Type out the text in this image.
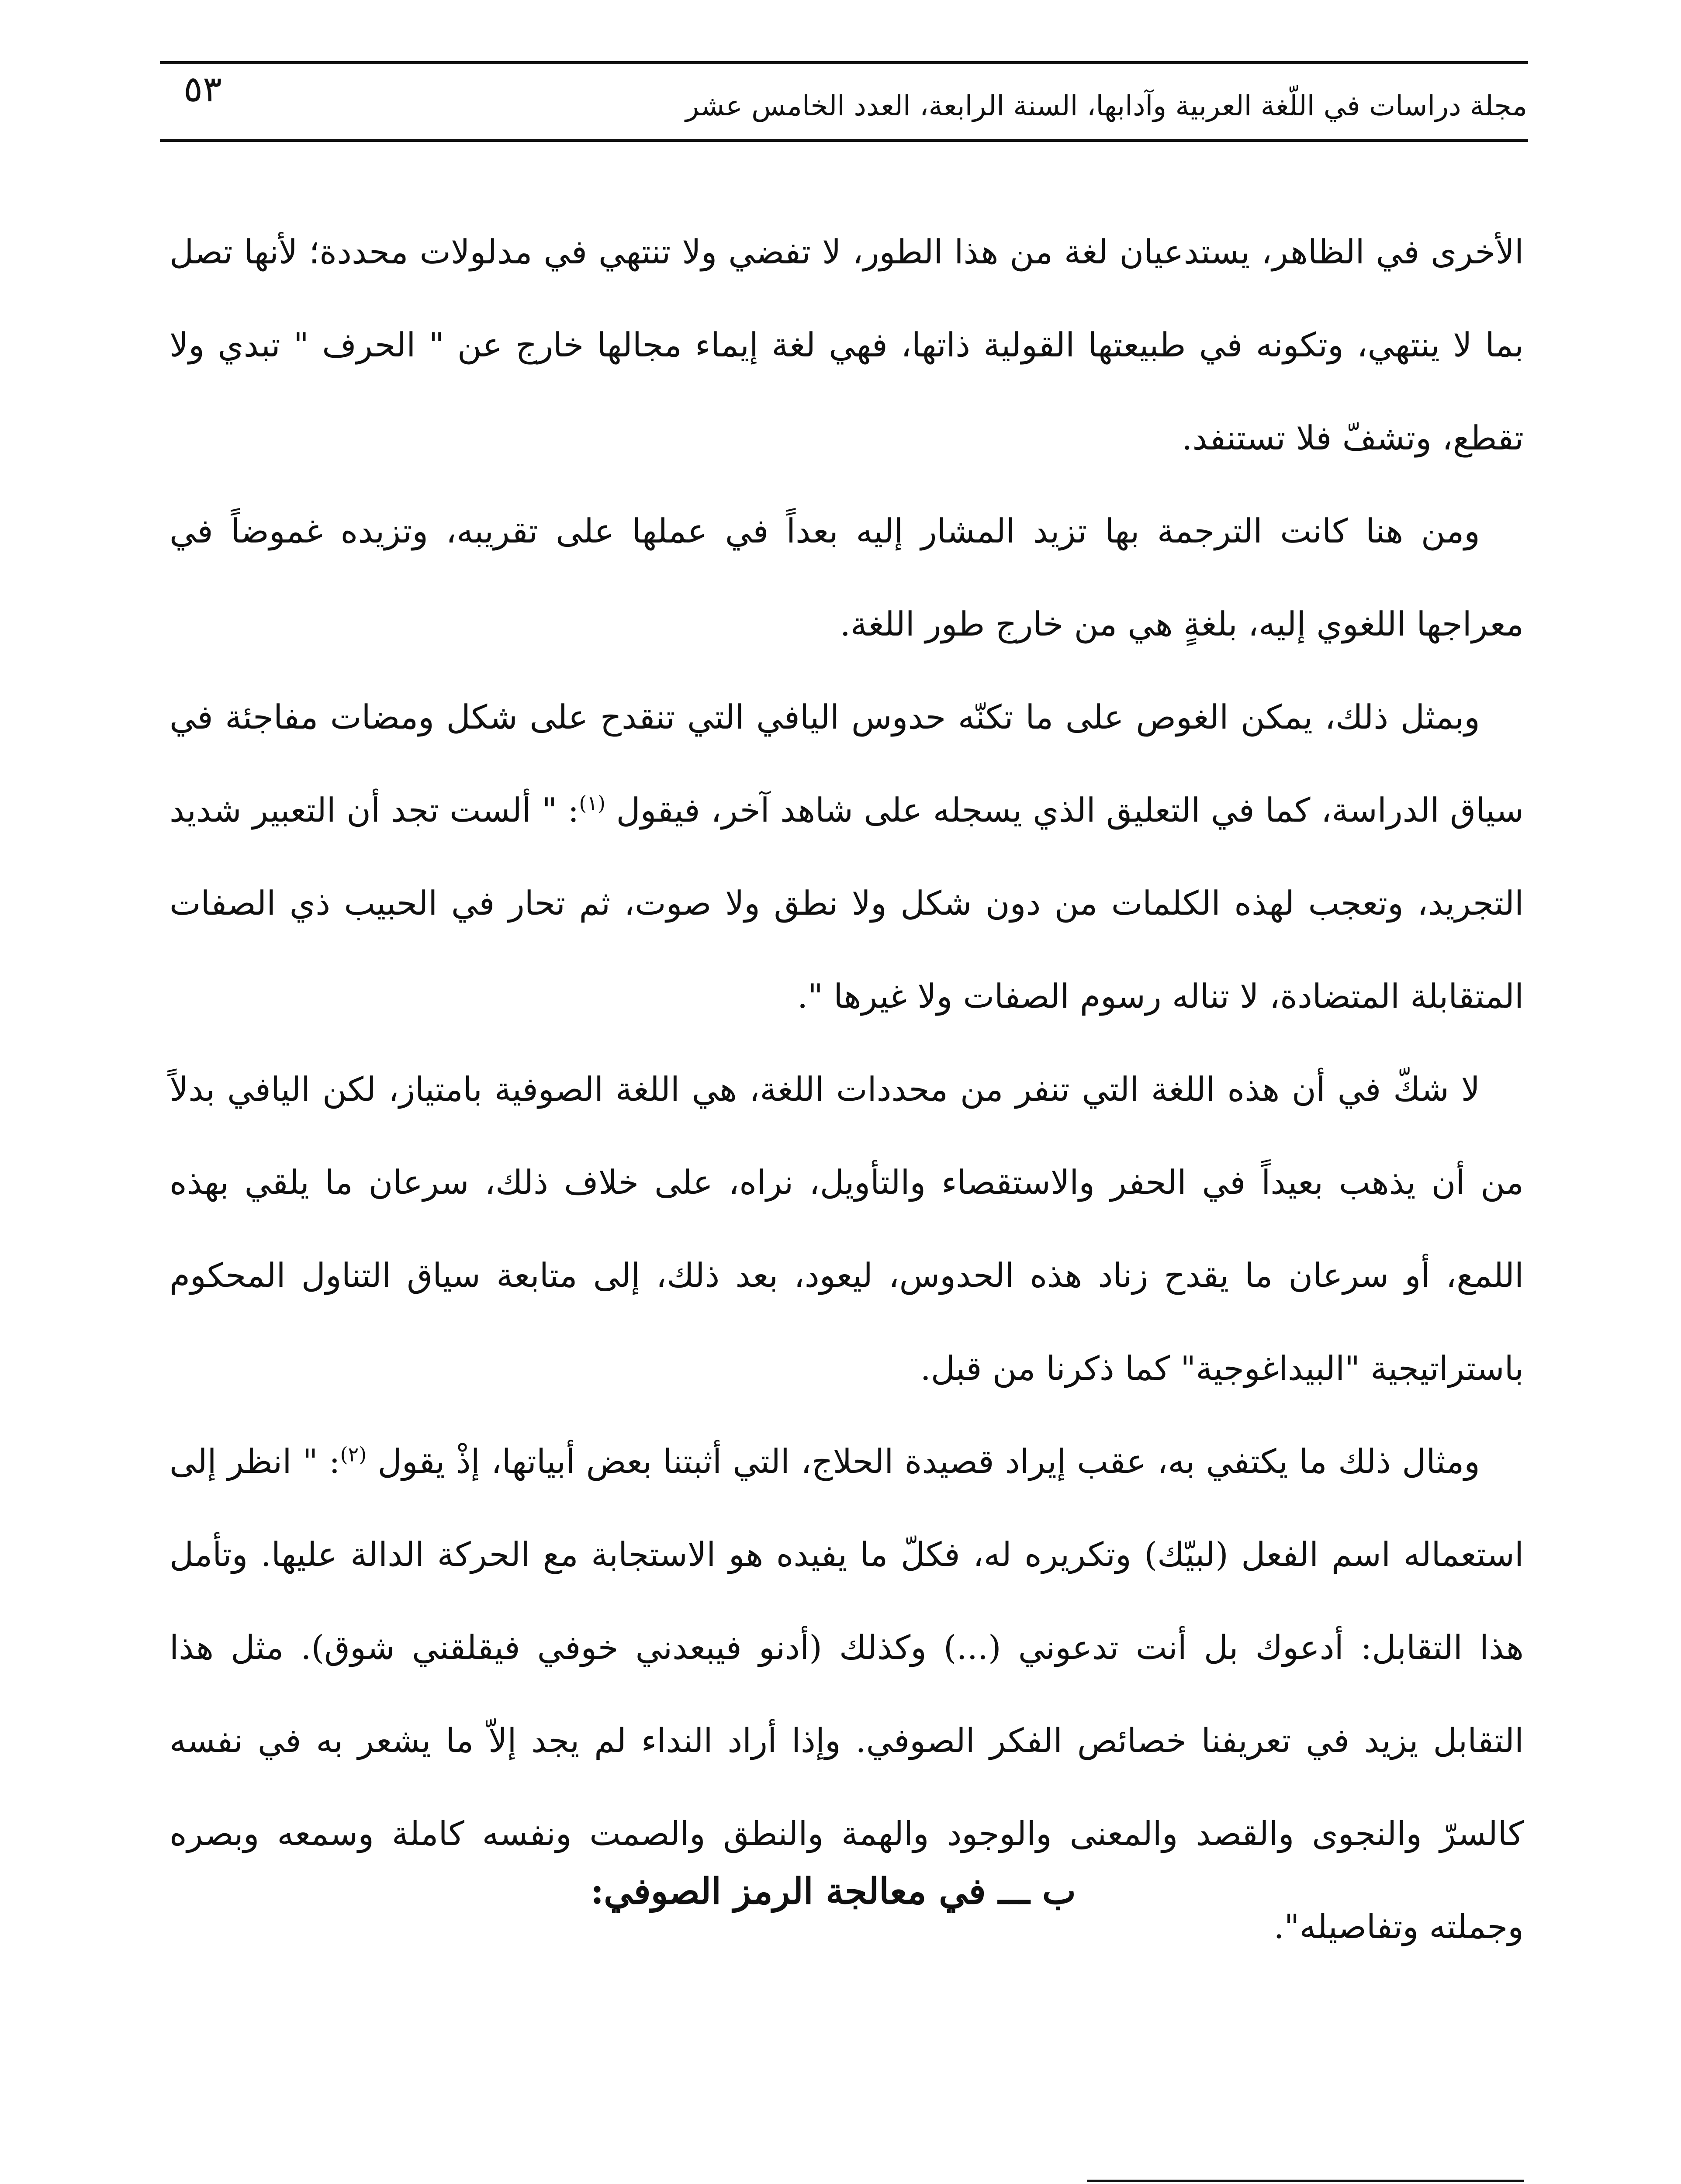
مجلة دراسات في اللّغة العربية وآدابها، السنة الرابعة، العدد الخامس عشر
٥٣

الأخرى في الظاهر، يستدعيان لغة من هذا الطور، لا تفضي ولا تنتهي في مدلولات محددة؛ لأنها تصل بما لا ينتهي، وتكونه في طبيعتها القولية ذاتها، فهي لغة إيماء مجالها خارج عن " الحرف " تبدي ولا تقطع، وتشفّ فلا تستنفد.

ومن هنا كانت الترجمة بها تزيد المشار إليه بعداً في عملها على تقريبه، وتزيده غموضاً في معراجها اللغوي إليه، بلغةٍ هي من خارج طور اللغة.

وبمثل ذلك، يمكن الغوص على ما تكنّه حدوس اليافي التي تنقدح على شكل ومضات مفاجئة في سياق الدراسة، كما في التعليق الذي يسجله على شاهد آخر، فيقول $^{(١)}$: " ألست تجد أن التعبير شديد التجريد، وتعجب لهذه الكلمات من دون شكل ولا نطق ولا صوت، ثم تحار في الحبيب ذي الصفات المتقابلة المتضادة، لا تناله رسوم الصفات ولا غيرها ".

لا شكّ في أن هذه اللغة التي تنفر من محددات اللغة، هي اللغة الصوفية بامتياز، لكن اليافي بدلاً من أن يذهب بعيداً في الحفر والاستقصاء والتأويل، نراه، على خلاف ذلك، سرعان ما يلقي بهذه اللمع، أو سرعان ما يقدح زناد هذه الحدوس، ليعود، بعد ذلك، إلى متابعة سياق التناول المحكوم باستراتيجية "البيداغوجية" كما ذكرنا من قبل.

ومثال ذلك ما يكتفي به، عقب إيراد قصيدة الحلاج، التي أثبتنا بعض أبياتها، إذْ يقول $^{(٢)}$: " انظر إلى استعماله اسم الفعل (لبيّك) وتكريره له، فكلّ ما يفيده هو الاستجابة مع الحركة الدالة عليها. وتأمل هذا التقابل: أدعوك بل أنت تدعوني (...) وكذلك (أدنو فيبعدني خوفي فيقلقني شوق). مثل هذا التقابل يزيد في تعريفنا خصائص الفكر الصوفي. وإذا أراد النداء لم يجد إلاّ ما يشعر به في نفسه كالسرّ والنجوى والقصد والمعنى والوجود والهمة والنطق والصمت ونفسه كاملة وسمعه وبصره وجملته وتفاصيله".

ب ـــ في معالجة الرمز الصوفي:
